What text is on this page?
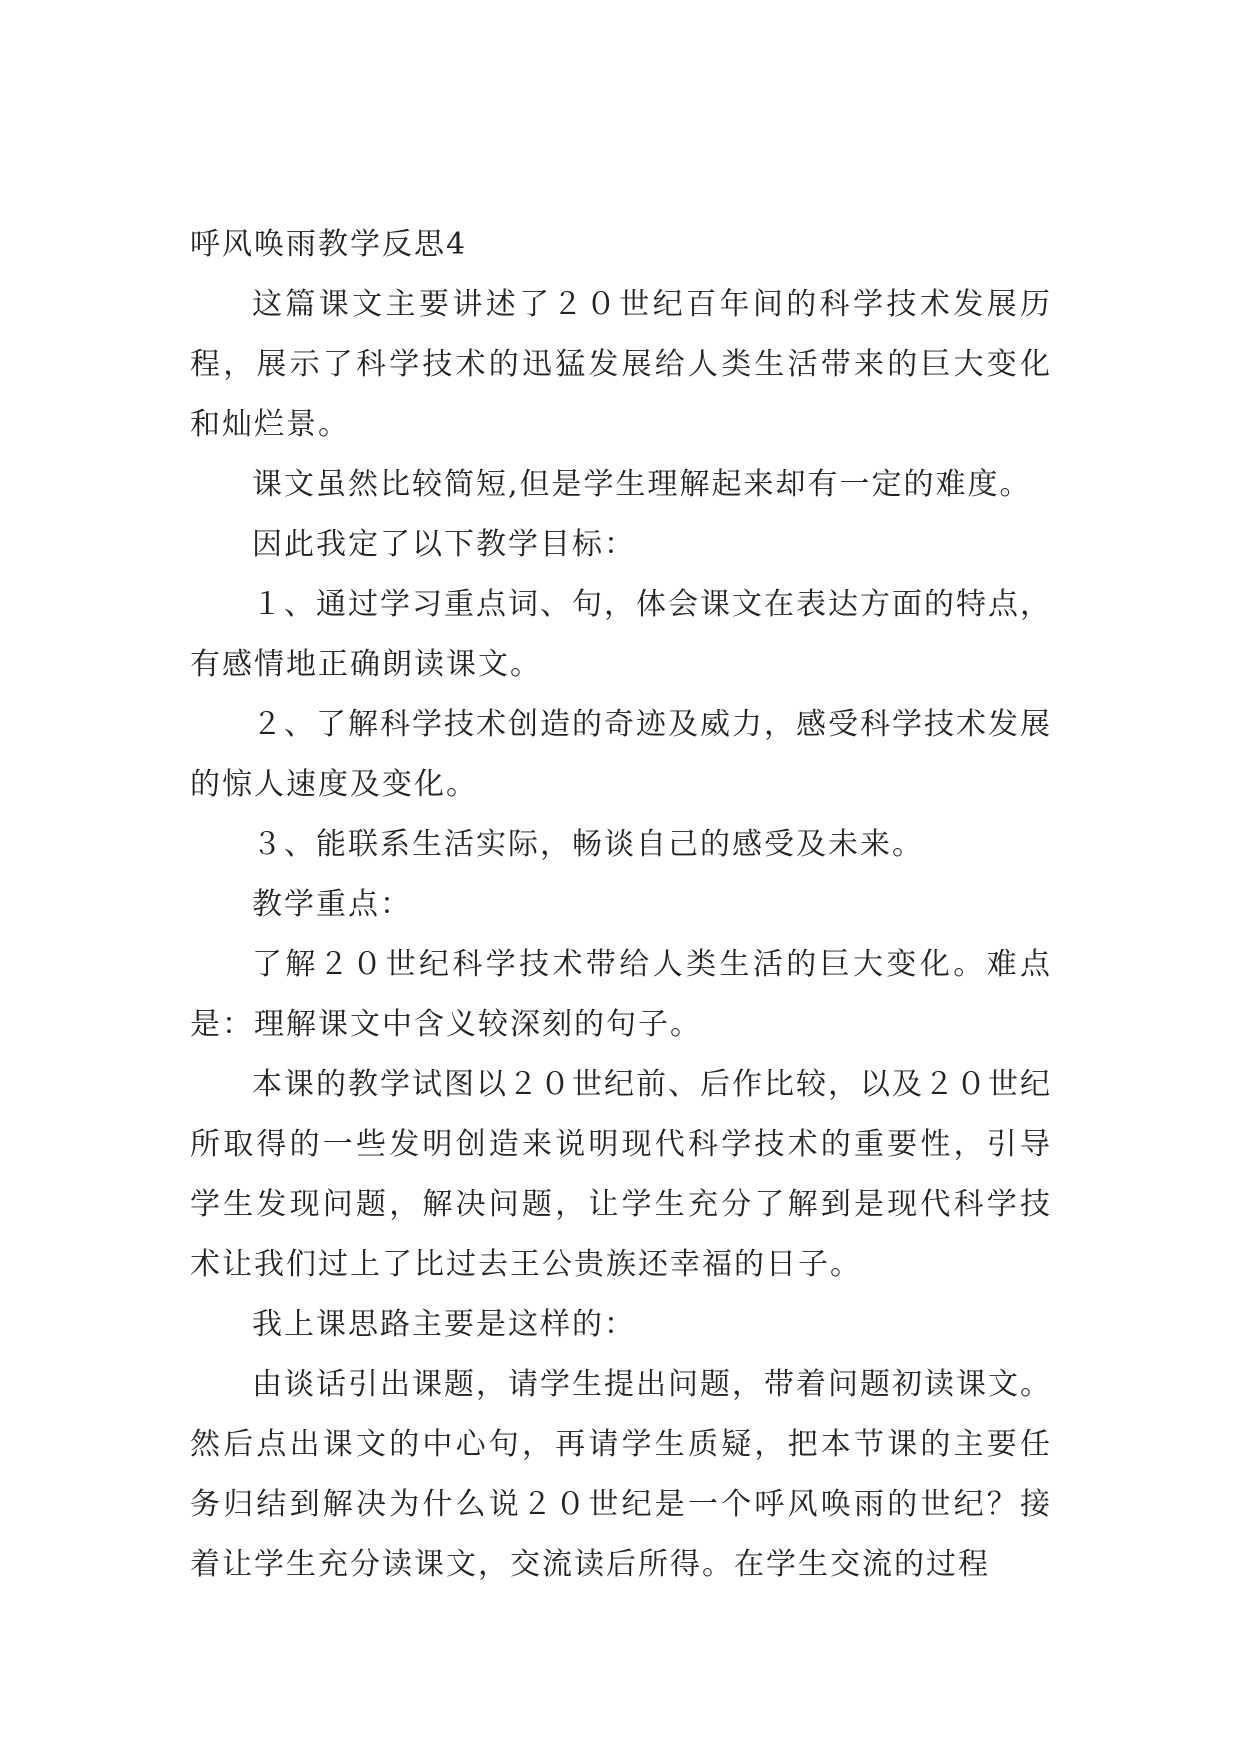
呼风唤雨教学反思4

这篇课文主要讲述了２０世纪百年间的科学技术发展历程，展示了科学技术的迅猛发展给人类生活带来的巨大变化和灿烂景。

课文虽然比较简短,但是学生理解起来却有一定的难度。

因此我定了以下教学目标：

１、通过学习重点词、句，体会课文在表达方面的特点，有感情地正确朗读课文。

２、了解科学技术创造的奇迹及威力，感受科学技术发展的惊人速度及变化。

３、能联系生活实际，畅谈自己的感受及未来。

教学重点：

了解２０世纪科学技术带给人类生活的巨大变化。难点是：理解课文中含义较深刻的句子。

本课的教学试图以２０世纪前、后作比较，以及２０世纪所取得的一些发明创造来说明现代科学技术的重要性，引导学生发现问题，解决问题，让学生充分了解到是现代科学技术让我们过上了比过去王公贵族还幸福的日子。

我上课思路主要是这样的：

由谈话引出课题，请学生提出问题，带着问题初读课文。然后点出课文的中心句，再请学生质疑，把本节课的主要任务归结到解决为什么说２０世纪是一个呼风唤雨的世纪？接着让学生充分读课文，交流读后所得。在学生交流的过程
